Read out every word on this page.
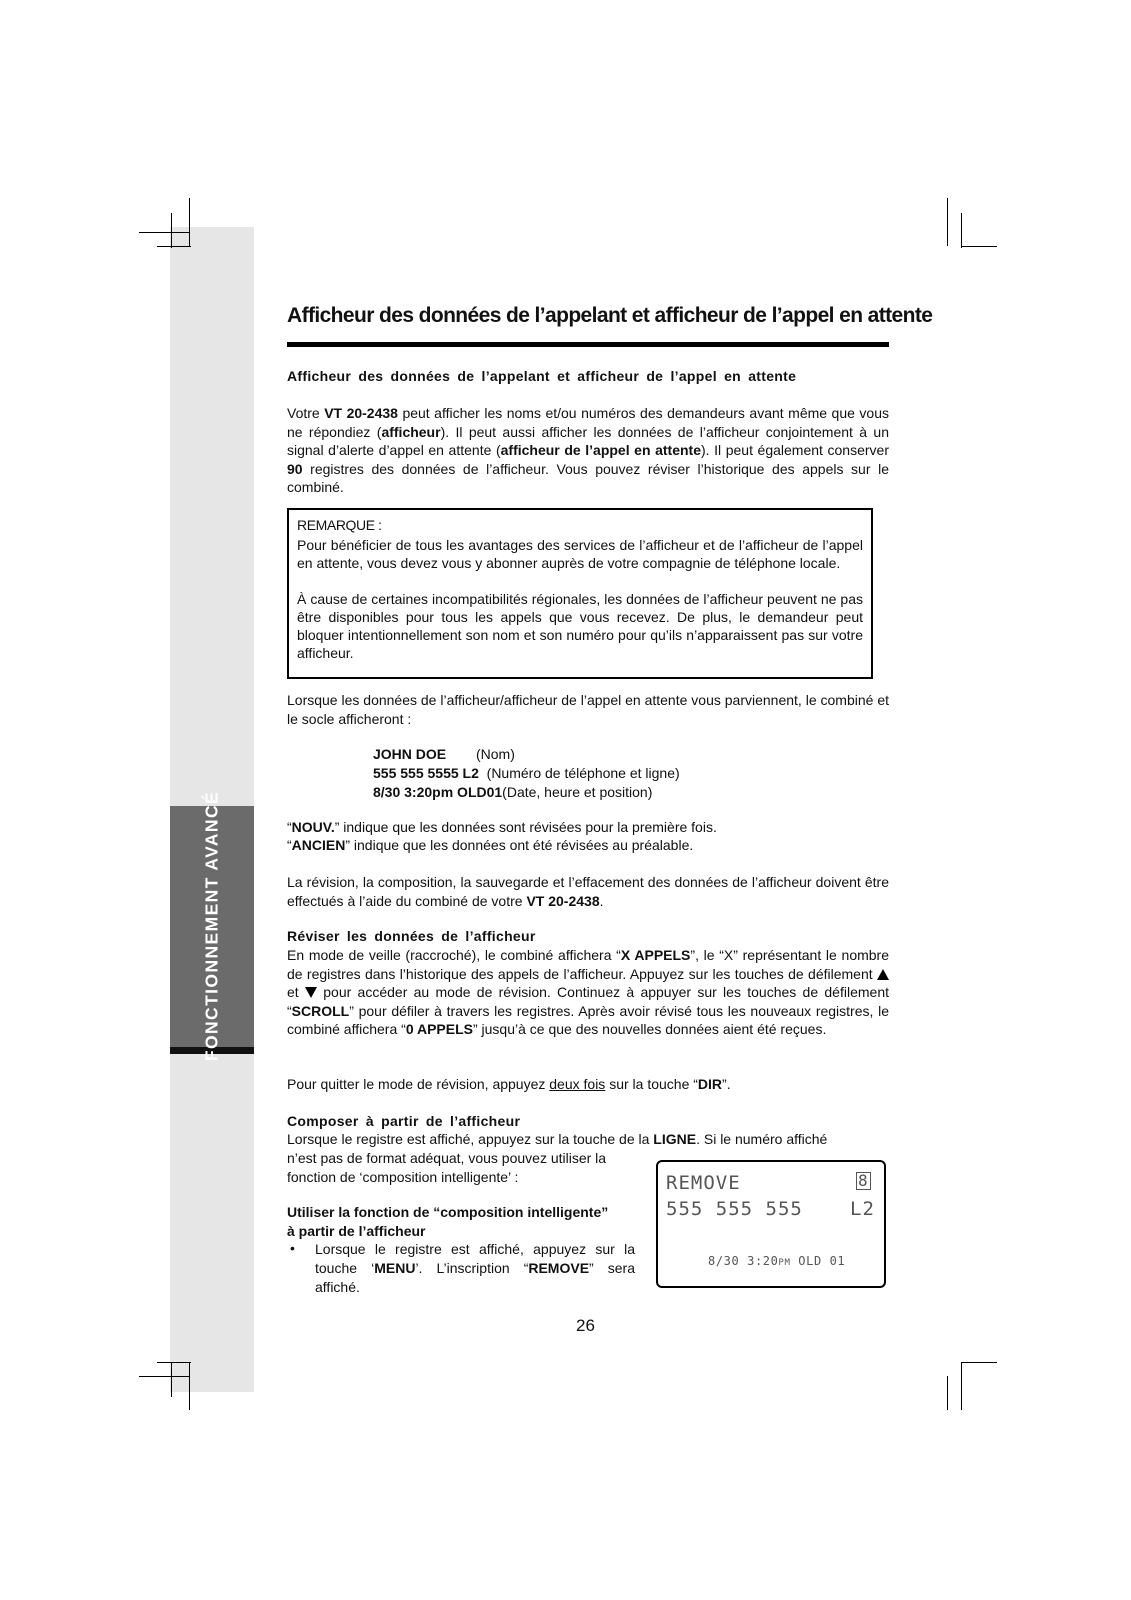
FONCTIONNEMENT AVANCÉ
Afficheur des données de l’appelant et afficheur de l’appel en attente
Afficheur des données de l’appelant et afficheur de l’appel en attente

Votre VT 20-2438 peut afficher les noms et/ou numéros des demandeurs avant même que vous ne répondiez (afficheur). Il peut aussi afficher les données de l’afficheur conjointement à un signal d’alerte d’appel en attente (afficheur de l’appel en attente). Il peut également conserver 90 registres des données de l’afficheur. Vous pouvez réviser l’historique des appels sur le combiné.

REMARQUE :

Pour bénéficier de tous les avantages des services de l’afficheur et de l’afficheur de l’appel en attente, vous devez vous y abonner auprès de votre compagnie de téléphone locale.

À cause de certaines incompatibilités régionales, les données de l’afficheur peuvent ne pas être disponibles pour tous les appels que vous recevez. De plus, le demandeur peut bloquer intentionnellement son nom et son numéro pour qu’ils n’apparaissent pas sur votre afficheur.

Lorsque les données de l’afficheur/afficheur de l’appel en attente vous parviennent, le combiné et le socle afficheront :

JOHN DOE (Nom)
555 555 5555 L2 (Numéro de téléphone et ligne)
8/30 3:20pm OLD01(Date, heure et position)

“NOUV.” indique que les données sont révisées pour la première fois.

“ANCIEN” indique que les données ont été révisées au préalable.

La révision, la composition, la sauvegarde et l’effacement des données de l’afficheur doivent être effectués à l’aide du combiné de votre VT 20-2438.

Réviser les données de l’afficheur

En mode de veille (raccroché), le combiné affichera “X APPELS”, le “X” représentant le nombre de registres dans l’historique des appels de l’afficheur. Appuyez sur les touches de défilement  et  pour accéder au mode de révision. Continuez à appuyer sur les touches de défilement “SCROLL” pour défiler à travers les registres. Après avoir révisé tous les nouveaux registres, le combiné affichera “0 APPELS” jusqu’à ce que des nouvelles données aient été reçues.

Pour quitter le mode de révision, appuyez deux fois sur la touche “DIR”.

Composer à partir de l’afficheur

Lorsque le registre est affiché, appuyez sur la touche de la LIGNE. Si le numéro affiché

n’est pas de format adéquat, vous pouvez utiliser la fonction de ‘composition intelligente’ :

Utiliser la fonction de “composition intelligente”
à partir de l’afficheur

• Lorsque le registre est affiché, appuyez sur la touche ‘MENU’. L’inscription “REMOVE” sera affiché.

REMOVE	8
555 555 555 L2
8/30 3:20PM OLD 01
26
